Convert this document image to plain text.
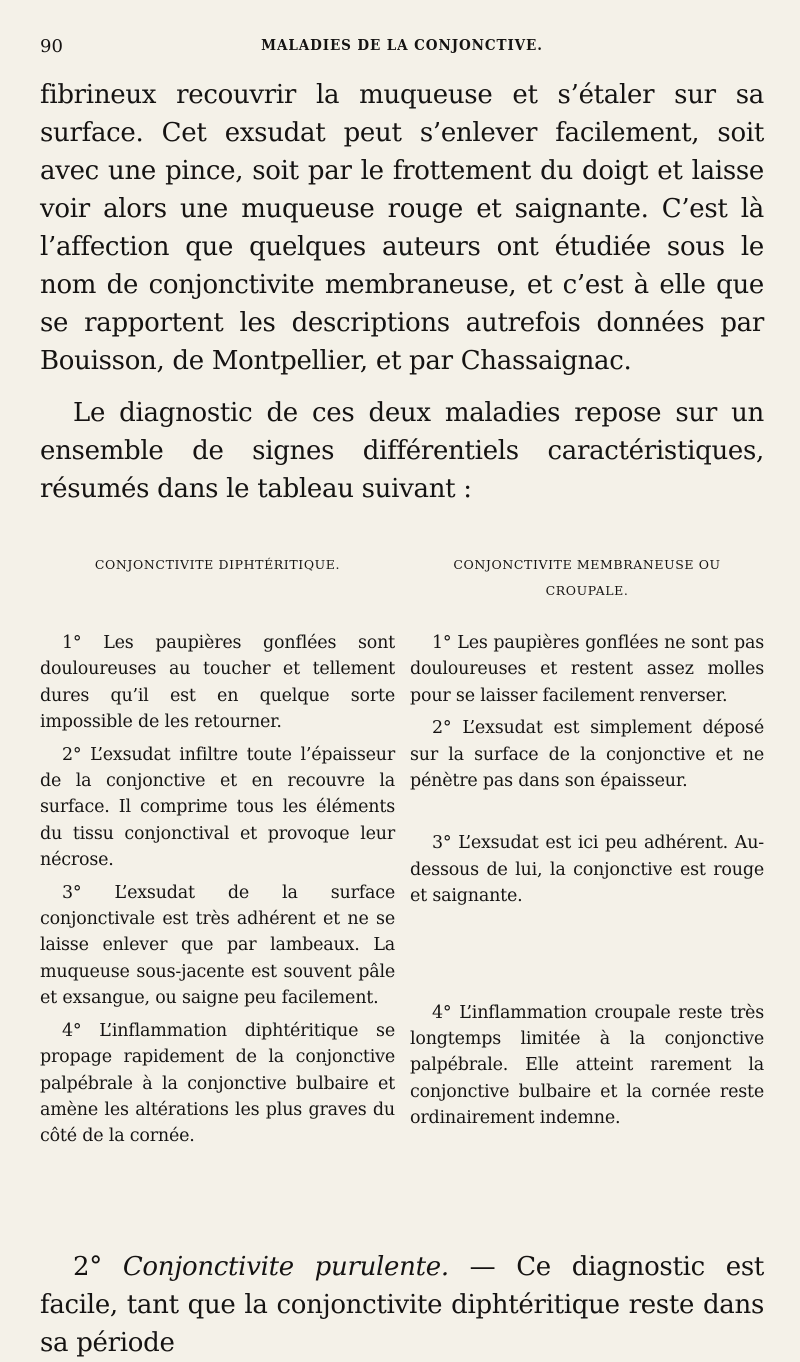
90	MALADIES DE LA CONJONCTIVE.

fibrineux recouvrir la muqueuse et s’étaler sur sa surface. Cet exsudat peut s’enlever facilement, soit avec une pince, soit par le frottement du doigt et laisse voir alors une muqueuse rouge et saignante. C’est là l’affection que quelques auteurs ont étudiée sous le nom de conjonctivite membraneuse, et c’est à elle que se rapportent les descriptions autrefois données par Bouisson, de Montpellier, et par Chassaignac.

Le diagnostic de ces deux maladies repose sur un ensemble de signes différentiels caractéristiques, résumés dans le tableau suivant :

CONJONCTIVITE DIPHTÉRITIQUE.

1° Les paupières gonflées sont douloureuses au toucher et tellement dures qu’il est en quelque sorte impossible de les retourner.

2° L’exsudat infiltre toute l’épaisseur de la conjonctive et en recouvre la surface. Il comprime tous les éléments du tissu conjonctival et provoque leur nécrose.

3° L’exsudat de la surface conjonctivale est très adhérent et ne se laisse enlever que par lambeaux. La muqueuse sous-jacente est souvent pâle et exsangue, ou saigne peu facilement.

4° L’inflammation diphtéritique se propage rapidement de la conjonctive palpébrale à la conjonctive bulbaire et amène les altérations les plus graves du côté de la cornée.

CONJONCTIVITE MEMBRANEUSE OU CROUPALE.

1° Les paupières gonflées ne sont pas douloureuses et restent assez molles pour se laisser facilement renverser.

2° L’exsudat est simplement déposé sur la surface de la conjonctive et ne pénètre pas dans son épaisseur.

3° L’exsudat est ici peu adhérent. Au-dessous de lui, la conjonctive est rouge et saignante.

4° L’inflammation croupale reste très longtemps limitée à la conjonctive palpébrale. Elle atteint rarement la conjonctive bulbaire et la cornée reste ordinairement indemne.

2° Conjonctivite purulente. — Ce diagnostic est facile, tant que la conjonctivite diphtéritique reste dans sa période
